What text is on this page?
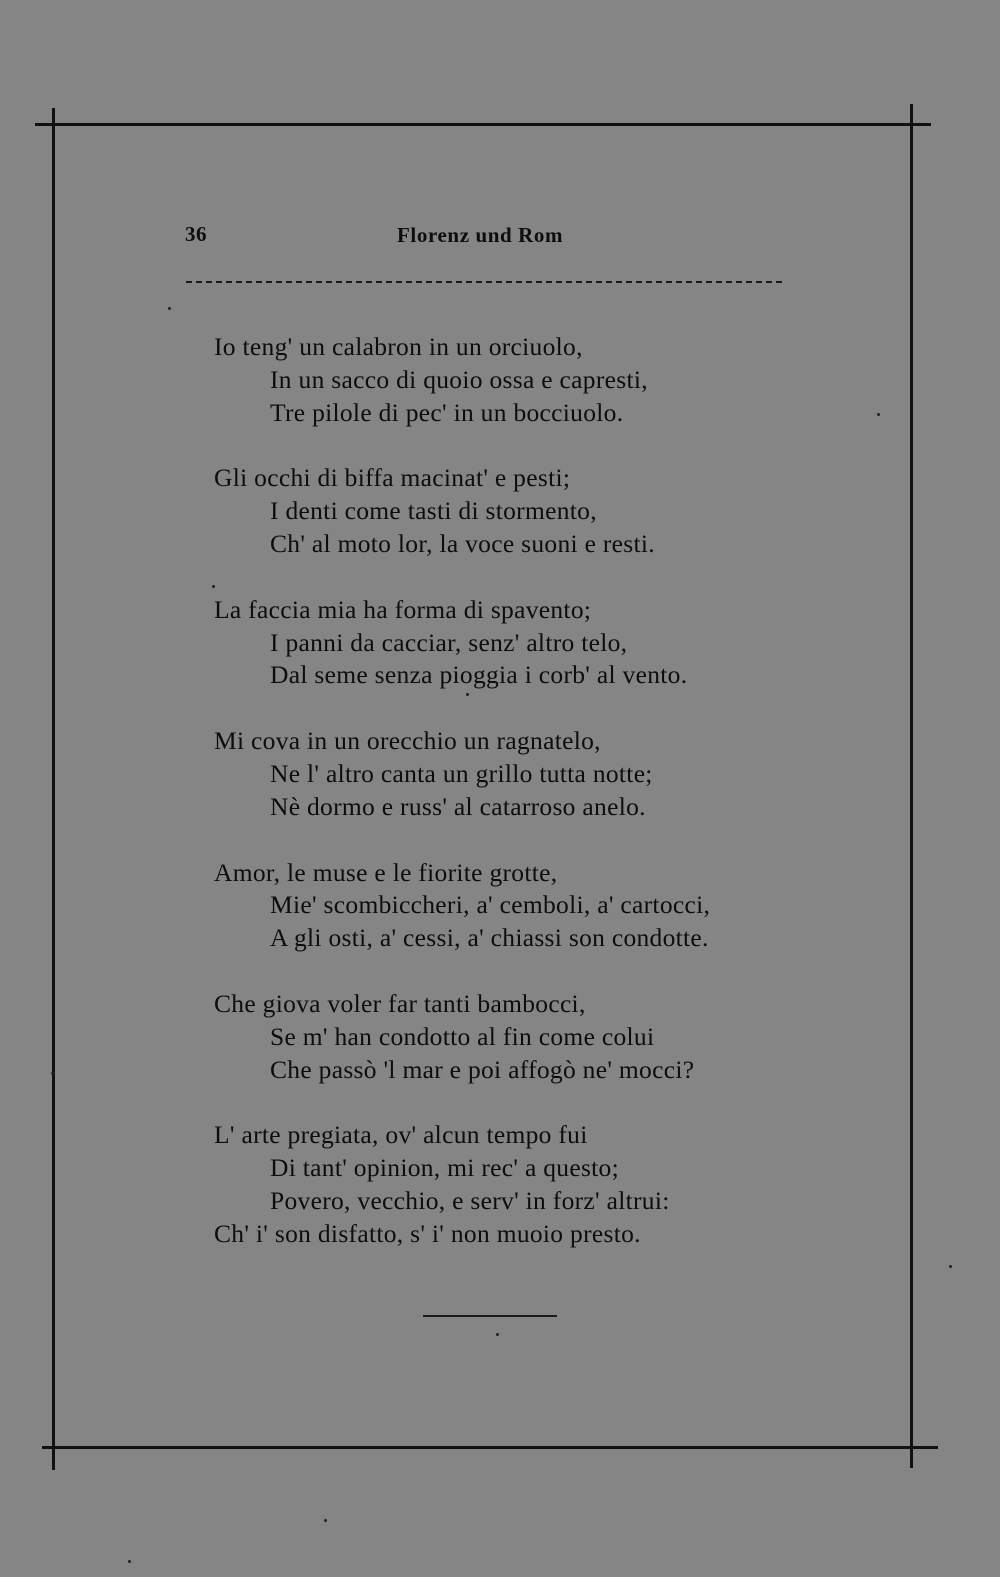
36	Florenz und Rom
Io teng' un calabron in un orciuolo,
In un sacco di quoio ossa e capresti,
Tre pilole di pec' in un bocciuolo.
Gli occhi di biffa macinat' e pesti;
I denti come tasti di stormento,
Ch' al moto lor, la voce suoni e resti.
La faccia mia ha forma di spavento;
I panni da cacciar, senz' altro telo,
Dal seme senza pioggia i corb' al vento.
Mi cova in un orecchio un ragnatelo,
Ne l' altro canta un grillo tutta notte;
Nè dormo e russ' al catarroso anelo.
Amor, le muse e le fiorite grotte,
Mie' scombiccheri, a' cemboli, a' cartocci,
A gli osti, a' cessi, a' chiassi son condotte.
Che giova voler far tanti bambocci,
Se m' han condotto al fin come colui
Che passò 'l mar e poi affogò ne' mocci?
L' arte pregiata, ov' alcun tempo fui
Di tant' opinion, mi rec' a questo;
Povero, vecchio, e serv' in forz' altrui:
Ch' i' son disfatto, s' i' non muoio presto.
